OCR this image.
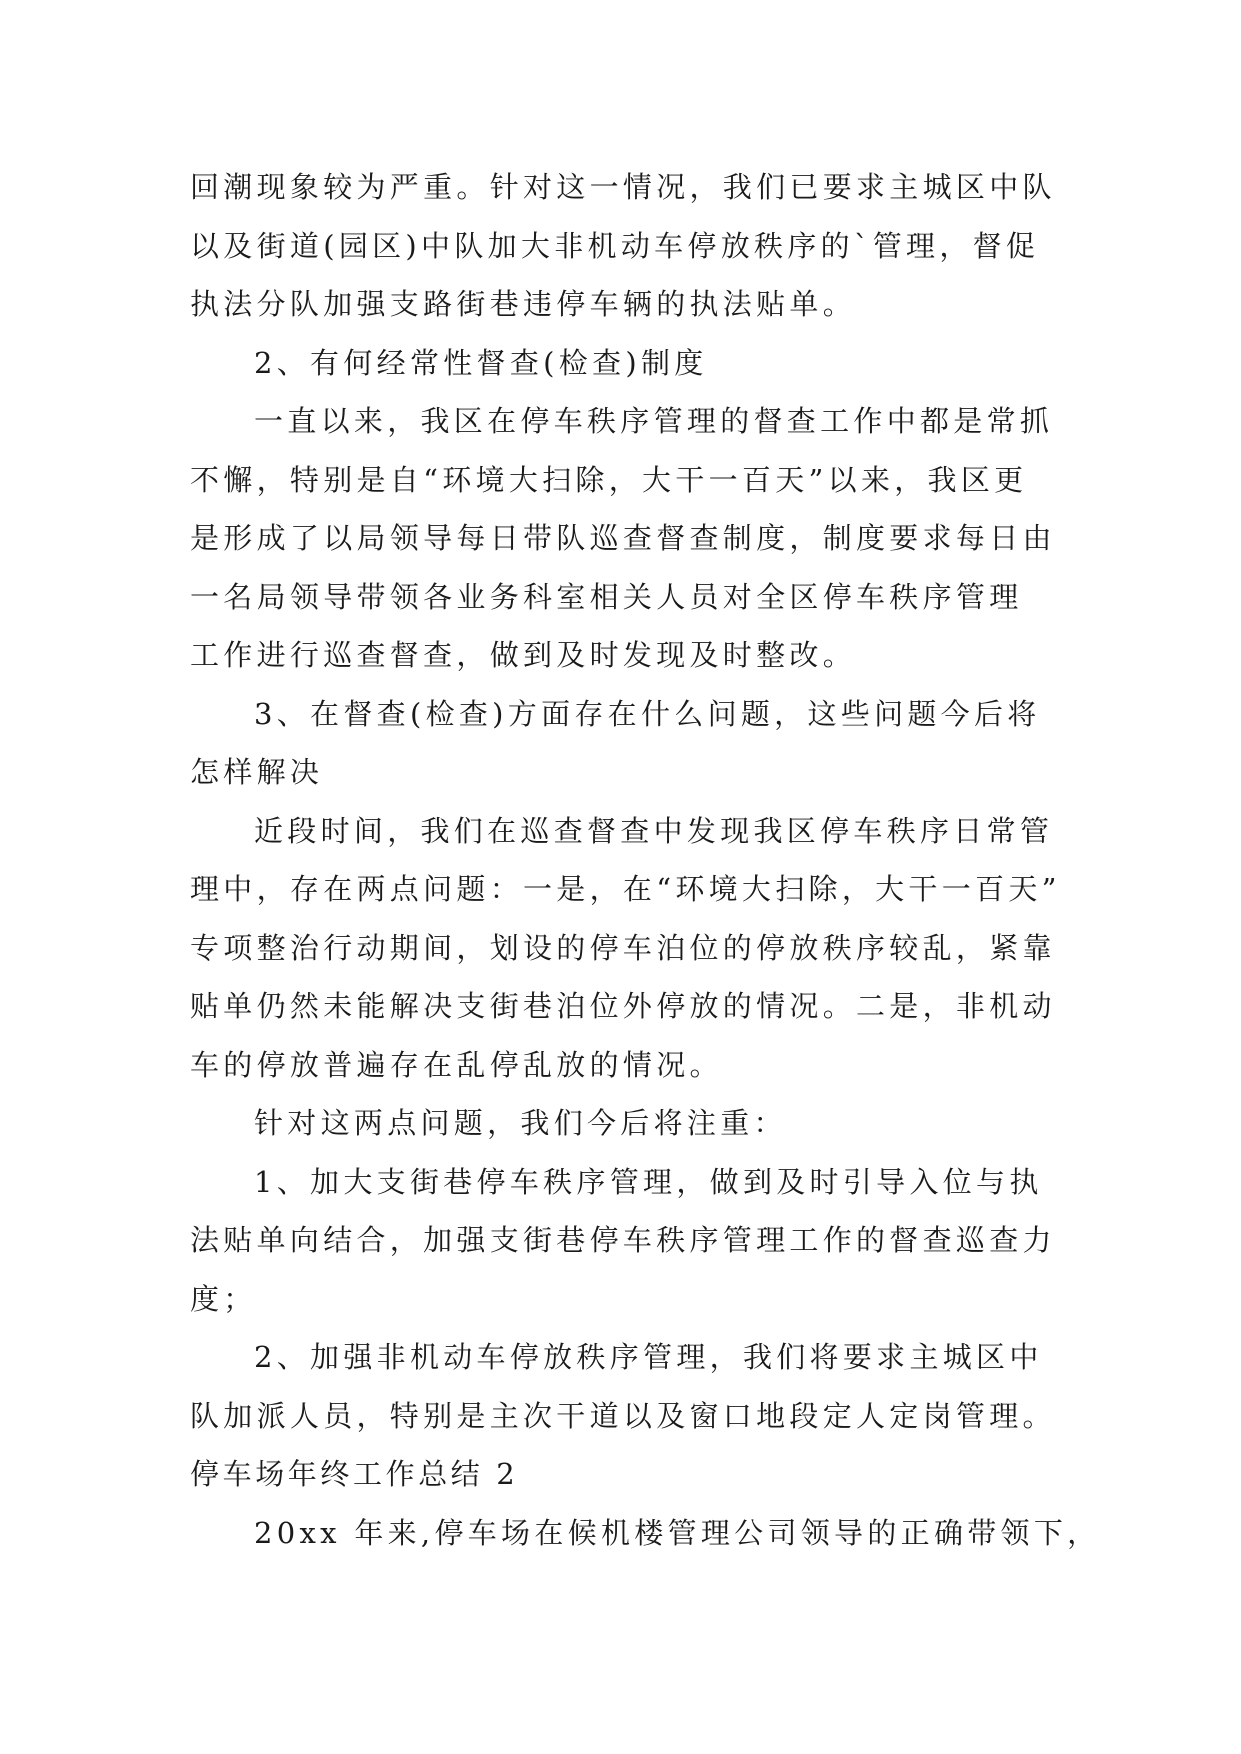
回潮现象较为严重。针对这一情况，我们已要求主城区中队
以及街道(园区)中队加大非机动车停放秩序的`管理，督促
执法分队加强支路街巷违停车辆的执法贴单。
2、有何经常性督查(检查)制度
一直以来，我区在停车秩序管理的督查工作中都是常抓
不懈，特别是自“环境大扫除，大干一百天”以来，我区更
是形成了以局领导每日带队巡查督查制度，制度要求每日由
一名局领导带领各业务科室相关人员对全区停车秩序管理
工作进行巡查督查，做到及时发现及时整改。
3、在督查(检查)方面存在什么问题，这些问题今后将
怎样解决
近段时间，我们在巡查督查中发现我区停车秩序日常管
理中，存在两点问题：一是，在“环境大扫除，大干一百天”
专项整治行动期间，划设的停车泊位的停放秩序较乱，紧靠
贴单仍然未能解决支街巷泊位外停放的情况。二是，非机动
车的停放普遍存在乱停乱放的情况。
针对这两点问题，我们今后将注重：
1、加大支街巷停车秩序管理，做到及时引导入位与执
法贴单向结合，加强支街巷停车秩序管理工作的督查巡查力
度；
2、加强非机动车停放秩序管理，我们将要求主城区中
队加派人员，特别是主次干道以及窗口地段定人定岗管理。
停车场年终工作总结 2
20xx 年来,停车场在候机楼管理公司领导的正确带领下，
